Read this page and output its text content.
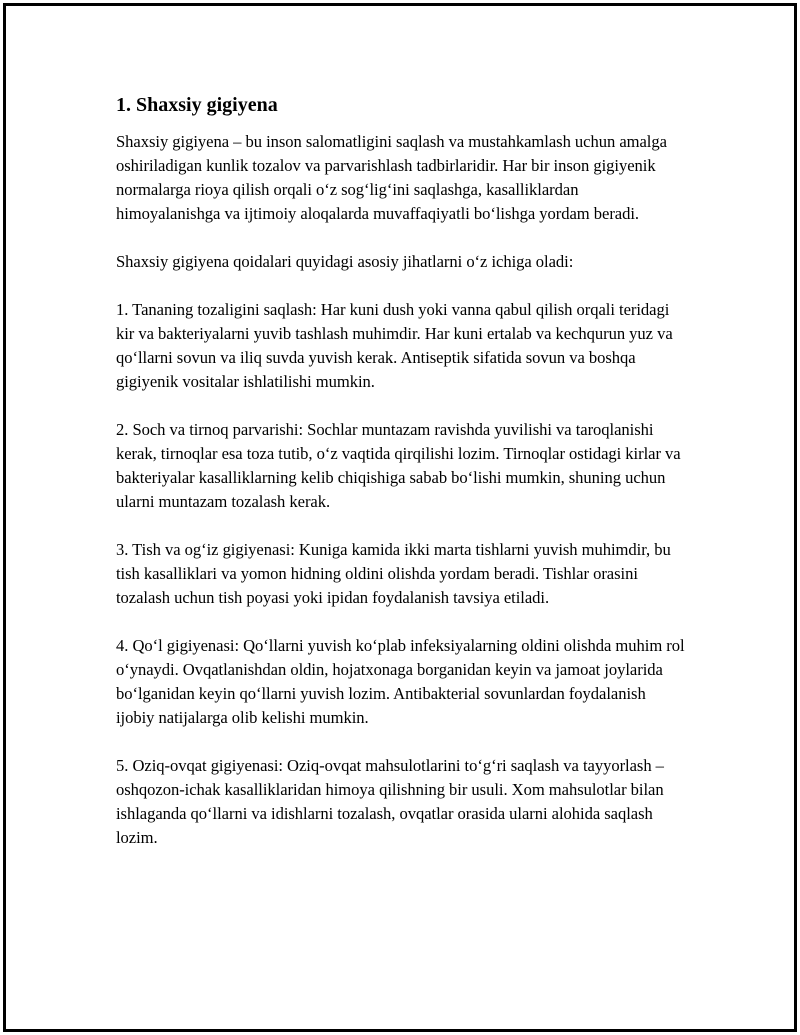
1. Shaxsiy gigiyena

Shaxsiy gigiyena – bu inson salomatligini saqlash va mustahkamlash uchun amalga oshiriladigan kunlik tozalov va parvarishlash tadbirlaridir. Har bir inson gigiyenik normalarga rioya qilish orqali o‘z sog‘lig‘ini saqlashga, kasalliklardan himoyalanishga va ijtimoiy aloqalarda muvaffaqiyatli bo‘lishga yordam beradi.

Shaxsiy gigiyena qoidalari quyidagi asosiy jihatlarni o‘z ichiga oladi:

1. Tananing tozaligini saqlash: Har kuni dush yoki vanna qabul qilish orqali teridagi kir va bakteriyalarni yuvib tashlash muhimdir. Har kuni ertalab va kechqurun yuz va qo‘llarni sovun va iliq suvda yuvish kerak. Antiseptik sifatida sovun va boshqa gigiyenik vositalar ishlatilishi mumkin.

2. Soch va tirnoq parvarishi: Sochlar muntazam ravishda yuvilishi va taroqlanishi kerak, tirnoqlar esa toza tutib, o‘z vaqtida qirqilishi lozim. Tirnoqlar ostidagi kirlar va bakteriyalar kasalliklarning kelib chiqishiga sabab bo‘lishi mumkin, shuning uchun ularni muntazam tozalash kerak.

3. Tish va og‘iz gigiyenasi: Kuniga kamida ikki marta tishlarni yuvish muhimdir, bu tish kasalliklari va yomon hidning oldini olishda yordam beradi. Tishlar orasini tozalash uchun tish poyasi yoki ipidan foydalanish tavsiya etiladi.

4. Qo‘l gigiyenasi: Qo‘llarni yuvish ko‘plab infeksiyalarning oldini olishda muhim rol o‘ynaydi. Ovqatlanishdan oldin, hojatxonaga borganidan keyin va jamoat joylarida bo‘lganidan keyin qo‘llarni yuvish lozim. Antibakterial sovunlardan foydalanish ijobiy natijalarga olib kelishi mumkin.

5. Oziq-ovqat gigiyenasi: Oziq-ovqat mahsulotlarini to‘g‘ri saqlash va tayyorlash – oshqozon-ichak kasalliklaridan himoya qilishning bir usuli. Xom mahsulotlar bilan ishlaganda qo‘llarni va idishlarni tozalash, ovqatlar orasida ularni alohida saqlash lozim.
